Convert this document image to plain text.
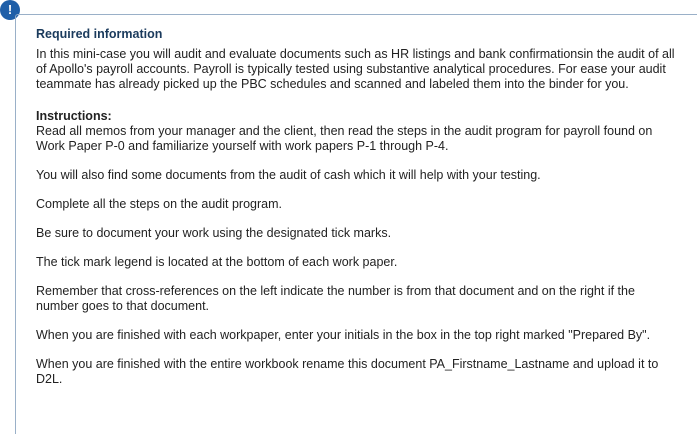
!
Required information

In this mini-case you will audit and evaluate documents such as HR listings and bank confirmationsin the audit of all of Apollo's payroll accounts. Payroll is typically tested using substantive analytical procedures. For ease your audit teammate has already picked up the PBC schedules and scanned and labeled them into the binder for you.

Instructions:

Read all memos from your manager and the client, then read the steps in the audit program for payroll found on Work Paper P-0 and familiarize yourself with work papers P-1 through P-4.

You will also find some documents from the audit of cash which it will help with your testing.

Complete all the steps on the audit program.

Be sure to document your work using the designated tick marks.

The tick mark legend is located at the bottom of each work paper.

Remember that cross-references on the left indicate the number is from that document and on the right if the number goes to that document.

When you are finished with each workpaper, enter your initials in the box in the top right marked "Prepared By".

When you are finished with the entire workbook rename this document PA_Firstname_Lastname and upload it to D2L.
